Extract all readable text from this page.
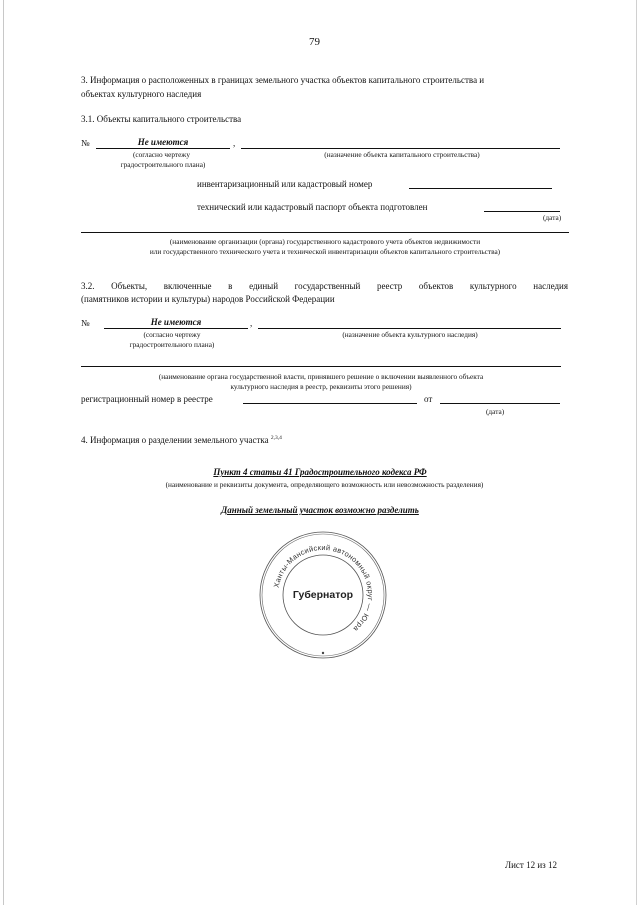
79
3. Информация о расположенных в границах земельного участка объектов капитального строительства и
объектах культурного наследия
3.1. Объекты капитального строительства
№	Не имеются	,
(согласно чертежу
градостроительного плана)
(назначение объекта капитального строительства)
инвентаризационный или кадастровый номер
технический или кадастровый паспорт объекта подготовлен
(дата)
(наименование организации (органа) государственного кадастрового учета объектов недвижимости
или государственного технического учета и технической инвентаризации объектов капитального строительства)
3.2. Объекты, включенные в единый государственный реестр объектов культурного наследия
(памятников истории и культуры) народов Российской Федерации
№	Не имеются	,
(согласно чертежу
градостроительного плана)
(назначение объекта культурного наследия)
(наименование органа государственной власти, принявшего решение о включении выявленного объекта
культурного наследия в реестр, реквизиты этого решения)
регистрационный номер в реестре	от
(дата)
4. Информация о разделении земельного участка $^{2,3,4}$
Пункт 4 статьи 41 Градостроительного кодекса РФ
(наименование и реквизиты документа, определяющего возможность или невозможность разделения)
Данный земельный участок возможно разделить
Ханты-Мансийский автономный округ — Югра
Губернатор
Лист 12 из 12
